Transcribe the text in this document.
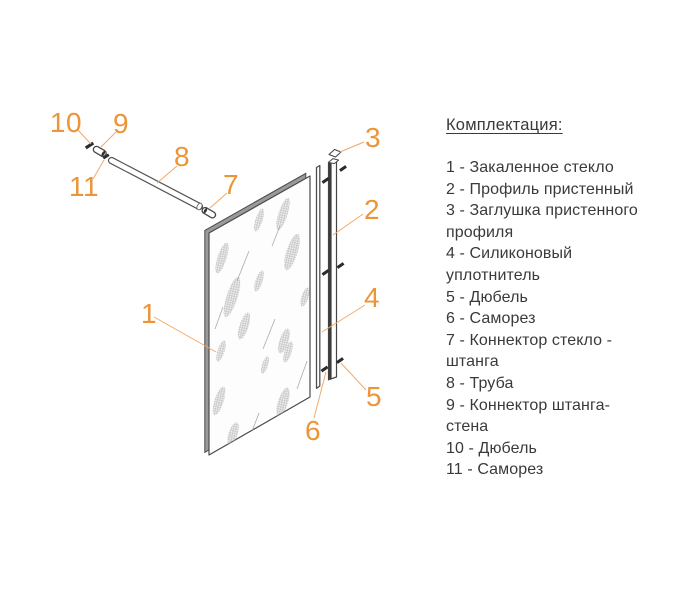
1
2
3
4
5
6
7
8
9
10
11
Комплектация:
1 - Закаленное стекло
2 - Профиль пристенный
3 - Заглушка пристенного профиля
4 - Силиконовый уплотнитель
5 - Дюбель
6 - Саморез
7 - Коннектор стекло - штанга
8 - Труба
9 - Коннектор штанга-стена
10 - Дюбель
11 - Саморез
